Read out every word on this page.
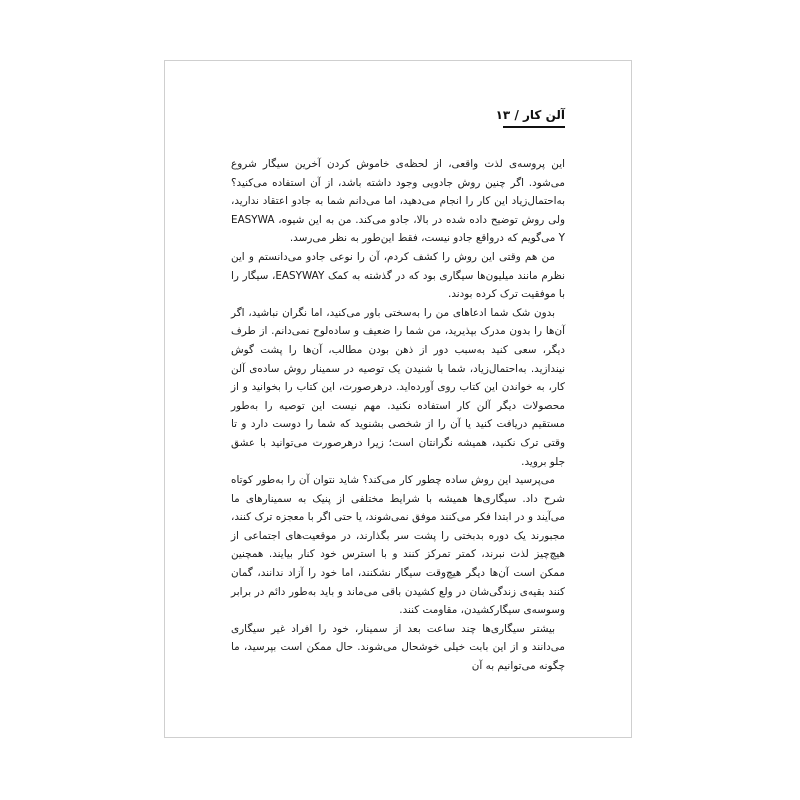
آلن کار / ۱۳

این پروسه‌ی لذت واقعی، از لحظه‌ی خاموش کردن آخرین سیگار شروع می‌شود. اگر چنین روش جادویی وجود داشته باشد، از آن استفاده می‌کنید؟ به‌احتمال‌زیاد این کار را انجام می‌دهید، اما می‌دانم شما به جادو اعتقاد ندارید، ولی روش توضیح داده شده در بالا، جادو می‌کند. من به این شیوه، EASYWA Y می‌گویم که درواقع جادو نیست، فقط این‌طور به نظر می‌رسد.

من هم وقتی این روش را کشف کردم، آن را نوعی جادو می‌دانستم و این نظرم مانند میلیون‌ها سیگاری بود که در گذشته به کمک EASYWAY، سیگار را با موفقیت ترک کرده بودند.

بدون شک شما ادعاهای من را به‌سختی باور می‌کنید، اما نگران نباشید، اگر آن‌ها را بدون مدرک بپذیرید، من شما را ضعیف و ساده‌لوح نمی‌دانم. از طرف دیگر، سعی کنید به‌سبب دور از ذهن بودن مطالب، آن‌ها را پشت گوش نیندازید. به‌احتمال‌زیاد، شما با شنیدن یک توصیه در سمینار روش ساده‌ی آلن کار، به خواندن این کتاب روی آورده‌اید. درهرصورت، این کتاب را بخوانید و از محصولات دیگر آلن کار استفاده نکنید. مهم نیست این توصیه را به‌طور مستقیم دریافت کنید یا آن را از شخصی بشنوید که شما را دوست دارد و تا وقتی ترک نکنید، همیشه نگرانتان است؛ زیرا درهرصورت می‌توانید با عشق جلو بروید.

می‌پرسید این روش ساده چطور کار می‌کند؟ شاید نتوان آن را به‌طور کوتاه شرح داد. سیگاری‌ها همیشه با شرایط مختلفی از پنیک به سمینارهای ما می‌آیند و در ابتدا فکر می‌کنند موفق نمی‌شوند، یا حتی اگر با معجزه ترک کنند، مجبورند یک دوره بدبختی را پشت سر بگذارند، در موقعیت‌های اجتماعی از هیچ‌چیز لذت نبرند، کمتر تمرکز کنند و با استرس خود کنار بیایند. همچنین ممکن است آن‌ها دیگر هیچ‌وقت سیگار نشکنند، اما خود را آزاد ندانند، گمان کنند بقیه‌ی زندگی‌شان در ولع کشیدن باقی می‌ماند و باید به‌طور دائم در برابر وسوسه‌ی سیگارکشیدن، مقاومت کنند.

بیشتر سیگاری‌ها چند ساعت بعد از سمینار، خود را افراد غیر سیگاری می‌دانند و از این بابت خیلی خوشحال می‌شوند. حال ممکن است بپرسید، ما چگونه می‌توانیم به آن
